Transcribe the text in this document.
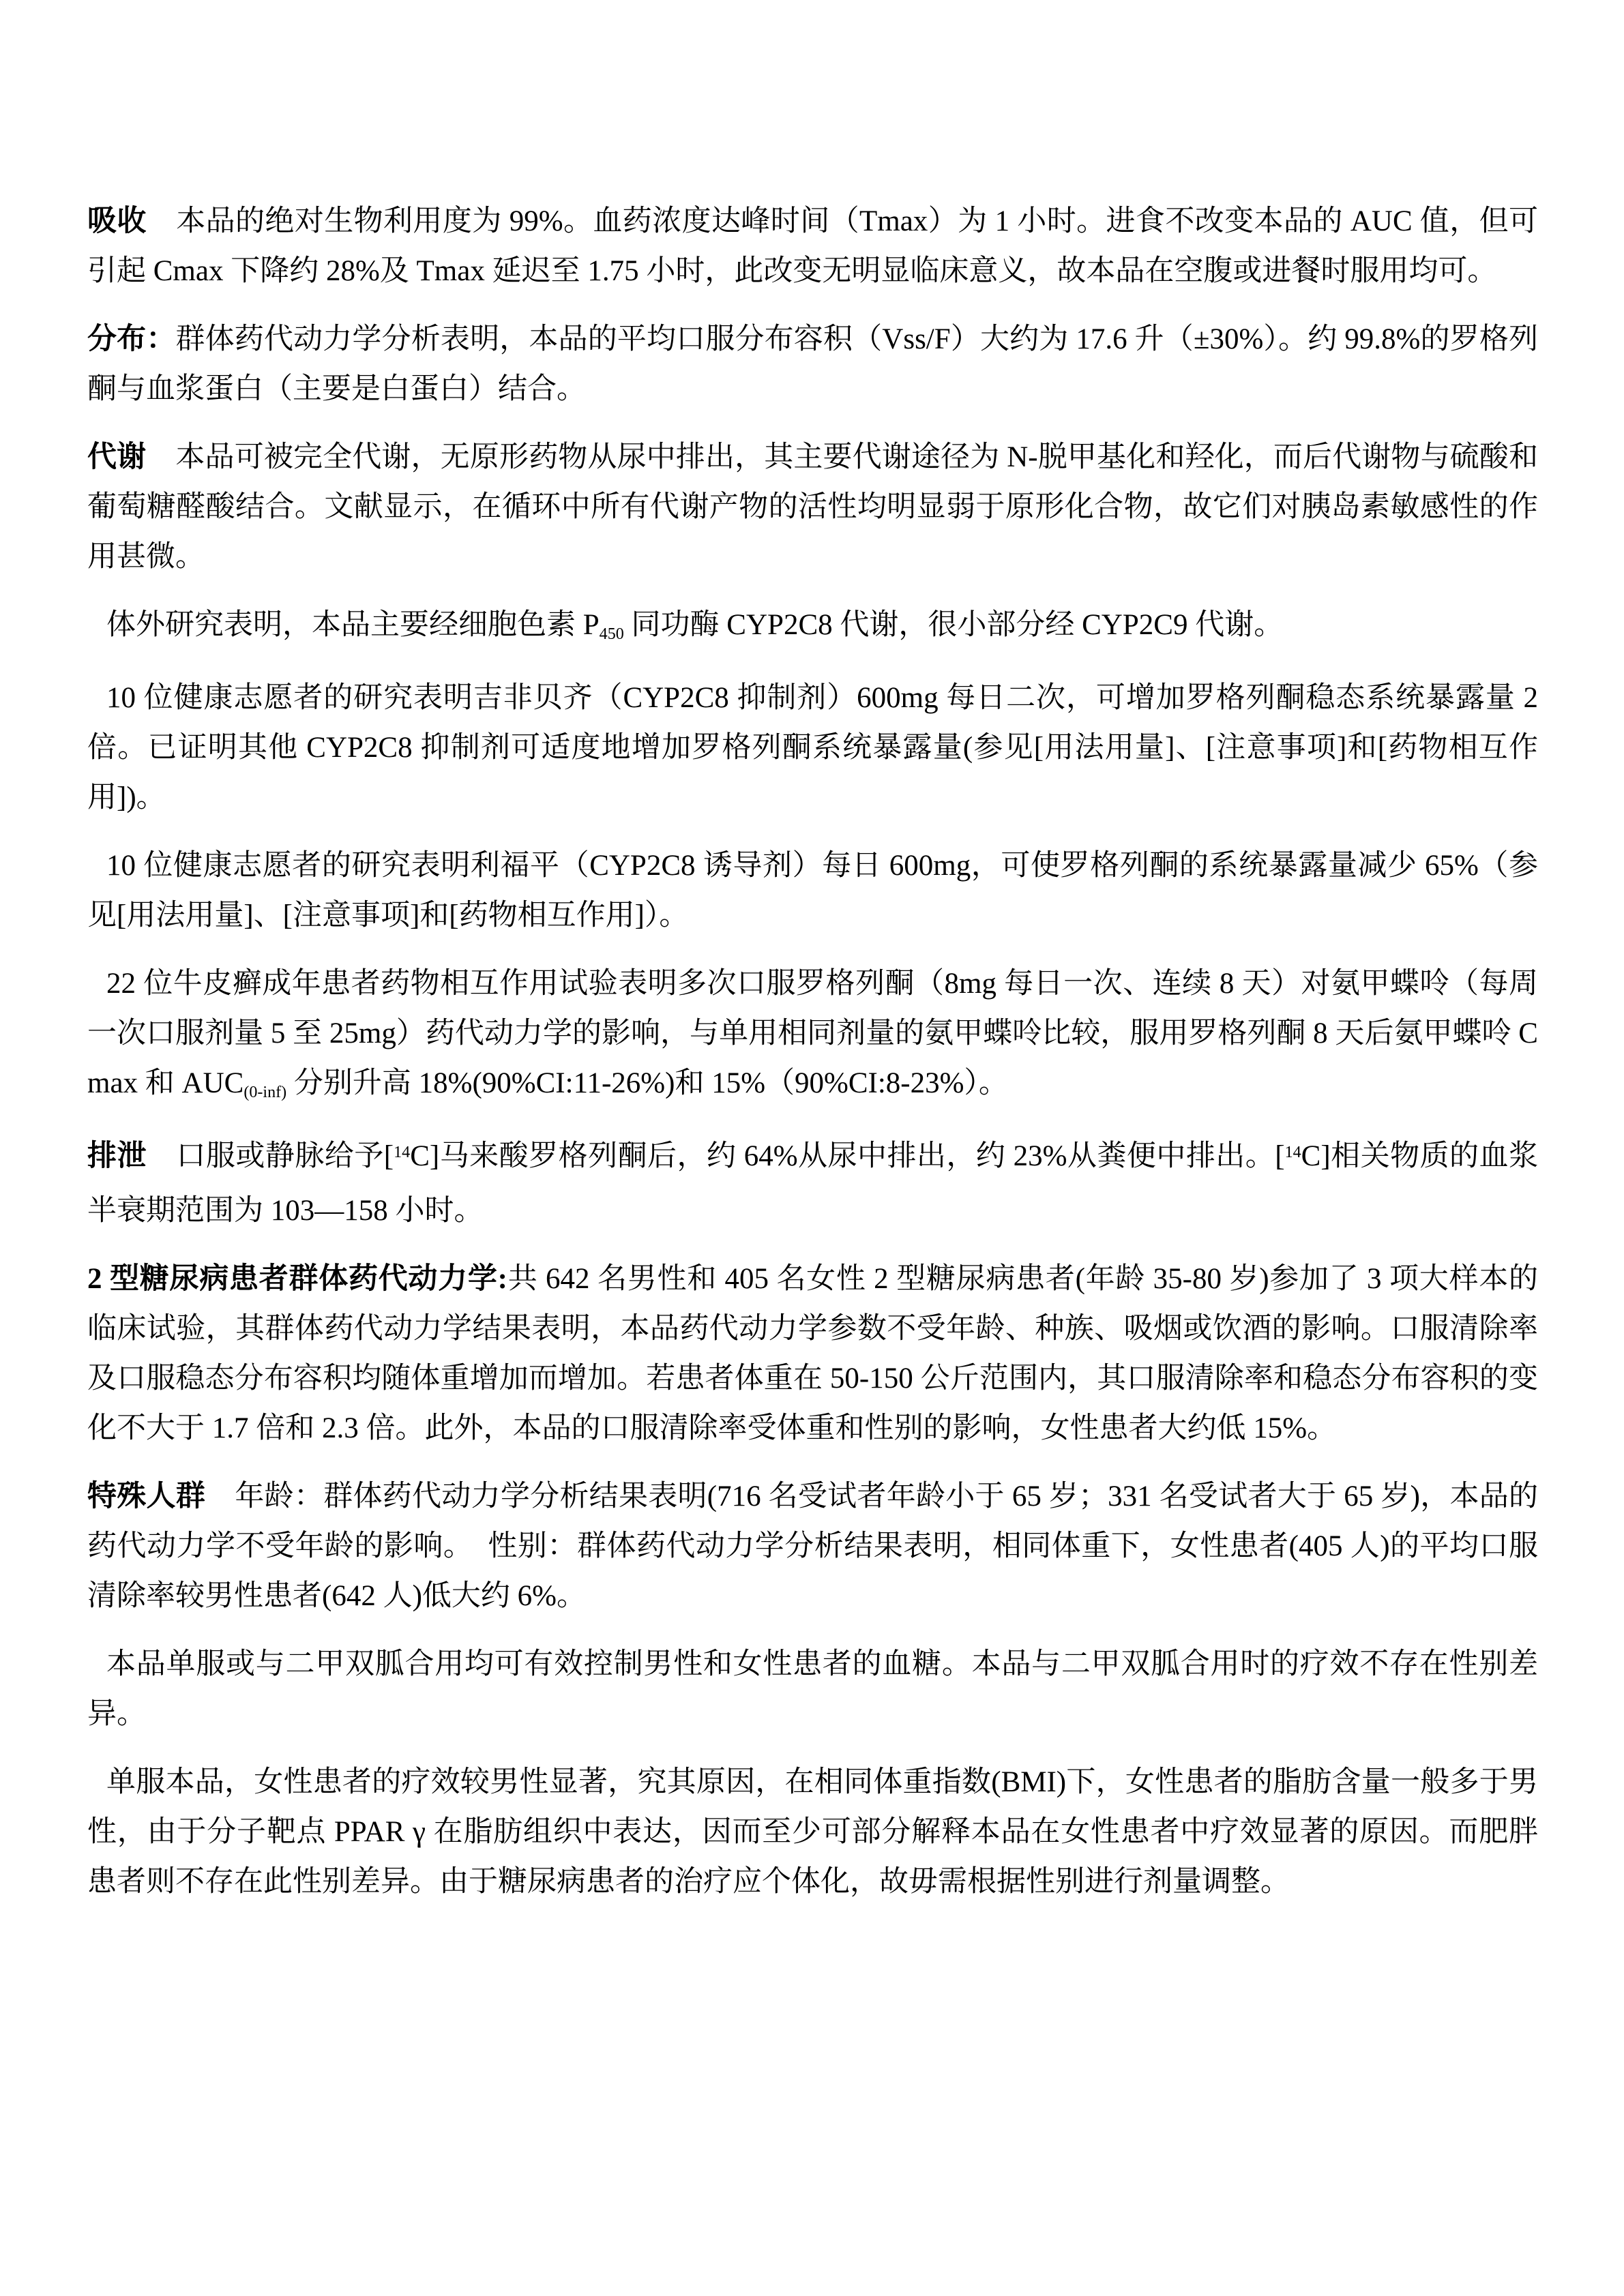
吸收　 本品的绝对生物利用度为 99%。血药浓度达峰时间（Tmax）为 1 小时。进食不改变本品的 AUC 值，但可引起 Cmax 下降约 28%及 Tmax 延迟至 1.75 小时，此改变无明显临床意义，故本品在空腹或进餐时服用均可。

分布：群体药代动力学分析表明，本品的平均口服分布容积（Vss/F）大约为 17.6 升（±30%）。约 99.8%的罗格列酮与血浆蛋白（主要是白蛋白）结合。

代谢　 本品可被完全代谢，无原形药物从尿中排出，其主要代谢途径为 N-脱甲基化和羟化，而后代谢物与硫酸和葡萄糖醛酸结合。文献显示，在循环中所有代谢产物的活性均明显弱于原形化合物，故它们对胰岛素敏感性的作用甚微。

体外研究表明，本品主要经细胞色素 $P_{450}$ 同功酶 CYP2C8 代谢，很小部分经 CYP2C9 代谢。

10 位健康志愿者的研究表明吉非贝齐（CYP2C8 抑制剂）600mg 每日二次，可增加罗格列酮稳态系统暴露量 2 倍。已证明其他 CYP2C8 抑制剂可适度地增加罗格列酮系统暴露量(参见[用法用量]、[注意事项]和[药物相互作用])。

10 位健康志愿者的研究表明利福平（CYP2C8 诱导剂）每日 600mg，可使罗格列酮的系统暴露量减少 65%（参见[用法用量]、[注意事项]和[药物相互作用]）。

22 位牛皮癣成年患者药物相互作用试验表明多次口服罗格列酮（8mg 每日一次、连续 8 天）对氨甲蝶呤（每周一次口服剂量 5 至 25mg）药代动力学的影响，与单用相同剂量的氨甲蝶呤比较，服用罗格列酮 8 天后氨甲蝶呤 Cmax 和 $AUC_{(0-inf)}$ 分别升高 18%(90%CI:11-26%)和 15%（90%CI:8-23%）。

排泄　 口服或静脉给予[$^{14}$C]马来酸罗格列酮后，约 64%从尿中排出，约 23%从粪便中排出。[$^{14}$C]相关物质的血浆半衰期范围为 103—158 小时。

2 型糖尿病患者群体药代动力学:共 642 名男性和 405 名女性 2 型糖尿病患者(年龄 35-80 岁)参加了 3 项大样本的临床试验，其群体药代动力学结果表明，本品药代动力学参数不受年龄、种族、吸烟或饮酒的影响。口服清除率及口服稳态分布容积均随体重增加而增加。若患者体重在 50-150 公斤范围内，其口服清除率和稳态分布容积的变化不大于 1.7 倍和 2.3 倍。此外，本品的口服清除率受体重和性别的影响，女性患者大约低 15%。

特殊人群　 年龄：群体药代动力学分析结果表明(716 名受试者年龄小于 65 岁；331 名受试者大于 65 岁)，本品的药代动力学不受年龄的影响。　性别：群体药代动力学分析结果表明，相同体重下，女性患者(405 人)的平均口服清除率较男性患者(642 人)低大约 6%。

本品单服或与二甲双胍合用均可有效控制男性和女性患者的血糖。本品与二甲双胍合用时的疗效不存在性别差异。

单服本品，女性患者的疗效较男性显著，究其原因，在相同体重指数(BMI)下，女性患者的脂肪含量一般多于男性，由于分子靶点 PPAR γ 在脂肪组织中表达，因而至少可部分解释本品在女性患者中疗效显著的原因。而肥胖患者则不存在此性别差异。由于糖尿病患者的治疗应个体化，故毋需根据性别进行剂量调整。
